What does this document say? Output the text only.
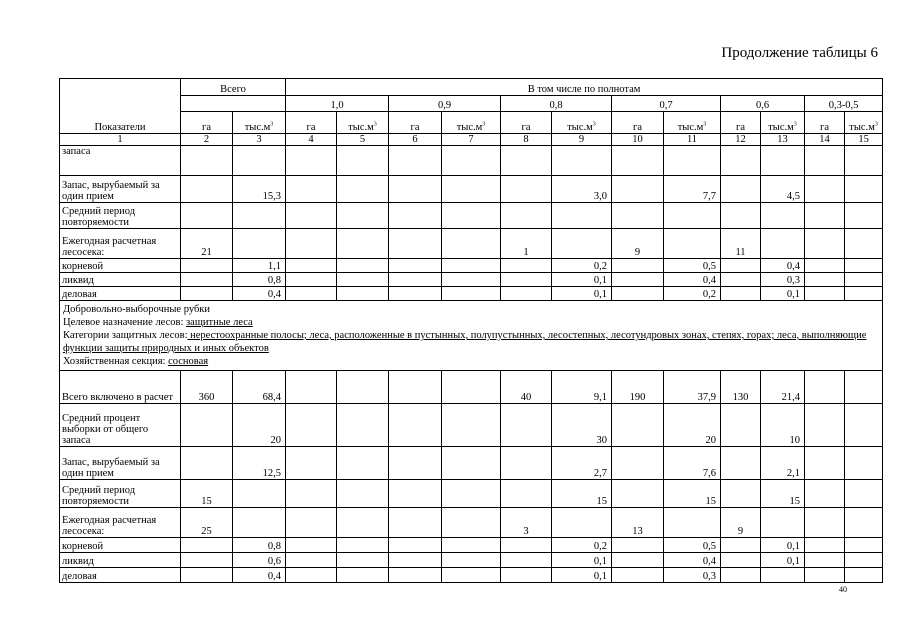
Продолжение таблицы 6
Показатели	Всего		В том числе по полнотам											
			1,0		0,9		0,8		0,7		0,6		0,3-0,5	
	га	$тыс.м^3$	га	$тыс.м^3$	га	$тыс.м^3$	га	$тыс.м^3$	га	$тыс.м^3$	га	$тыс.м^3$	га	$тыс.м^3$
1	2	3	4	5	6	7	8	9	10	11	12	13	14	15
запаса														
Запас, вырубаемый за один прием		15,3						3,0		7,7		4,5		
Средний период повторяемости														
Ежегодная расчетная лесосека:	21						1		9		11			
корневой		1,1						0,2		0,5		0,4		
ликвид		0,8						0,1		0,4		0,3		
деловая		0,4						0,1		0,2		0,1		

Добровольно-выборочные рубки
Целевое назначение лесов: защитные леса
Категории защитных лесов: нерестоохранные полосы; леса, расположенные в пустынных, полупустынных, лесостепных, лесотундровых зонах, степях, горах; леса, выполняющие функции защиты природных и иных объектов
Хозяйственная секция: сосновая														

Всего включено в расчет	360	68,4					40	9,1	190	37,9	130	21,4		
Средний процент выборки от общего запаса		20						30		20		10		
Запас, вырубаемый за один прием		12,5						2,7		7,6		2,1		
Средний период повторяемости	15							15		15		15		
Ежегодная расчетная лесосека:	25						3		13		9			
корневой		0,8						0,2		0,5		0,1		
ликвид		0,6						0,1		0,4		0,1		
деловая		0,4						0,1		0,3				
40
